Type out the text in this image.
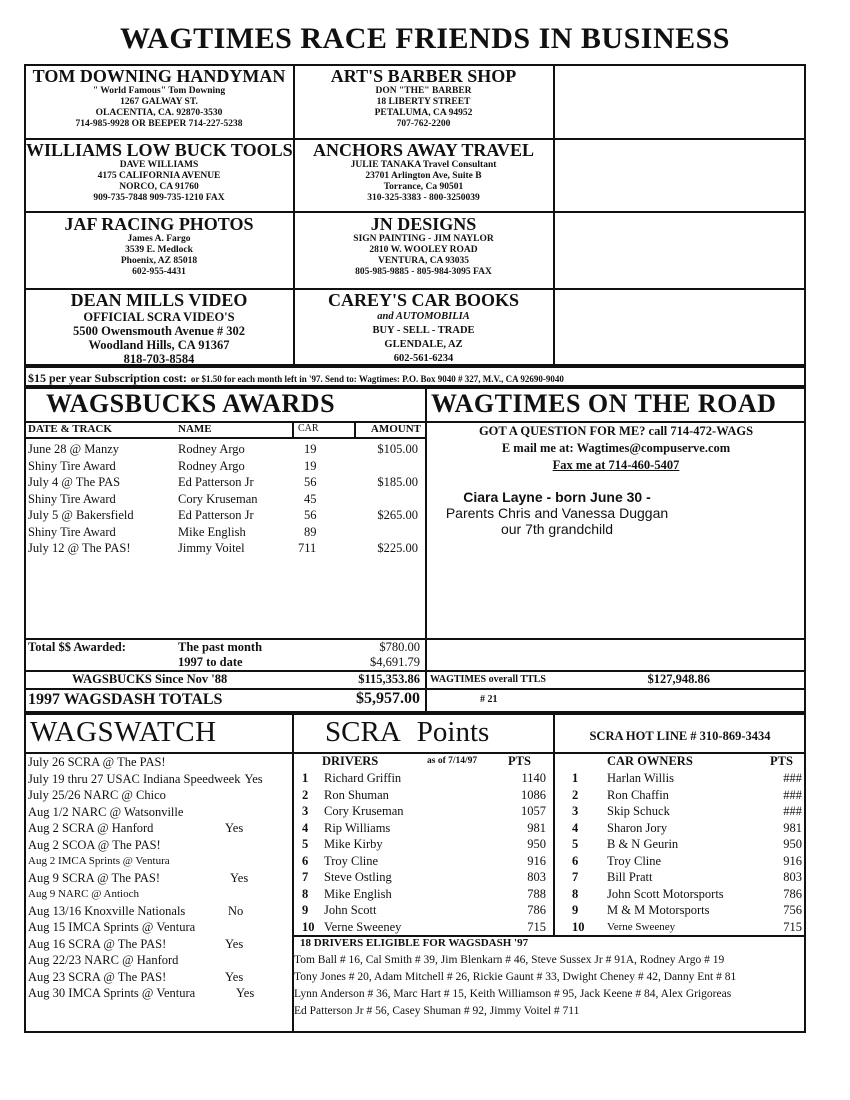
WAGTIMES RACE FRIENDS IN BUSINESS
TOM DOWNING HANDYMAN
" World Famous" Tom Downing
1267 GALWAY ST.
OLACENTIA, CA. 92870-3530
714-985-9928 OR BEEPER 714-227-5238
ART'S BARBER SHOP
DON "THE" BARBER
18 LIBERTY STREET
PETALUMA, CA 94952
707-762-2200
WILLIAMS LOW BUCK TOOLS
DAVE WILLIAMS
4175 CALIFORNIA AVENUE
NORCO, CA 91760
909-735-7848 909-735-1210 FAX
ANCHORS AWAY TRAVEL
JULIE TANAKA Travel Consultant
23701 Arlington Ave, Suite B
Torrance, Ca 90501
310-325-3383 - 800-3250039
JAF RACING PHOTOS
James A. Fargo
3539 E. Medlock
Phoenix, AZ 85018
602-955-4431
JN DESIGNS
SIGN PAINTING - JIM NAYLOR
2810 W. WOOLEY ROAD
VENTURA, CA 93035
805-985-9885 - 805-984-3095 FAX
DEAN MILLS VIDEO
OFFICIAL SCRA VIDEO'S
5500 Owensmouth Avenue # 302
Woodland Hills, CA 91367
818-703-8584
CAREY'S CAR BOOKS
and AUTOMOBILIA
BUY - SELL - TRADE
GLENDALE, AZ
602-561-6234
$15 per year Subscription cost: or $1.50 for each month left in '97. Send to: Wagtimes: P.O. Box 9040 # 327, M.V., CA 92690-9040
WAGSBUCKS AWARDS	WAGTIMES ON THE ROAD
DATE & TRACK	NAME	CAR	AMOUNT
June 28 @ Manzy	Rodney Argo	19	$105.00
Shiny Tire Award	Rodney Argo	19
July 4 @ The PAS	Ed Patterson Jr	56	$185.00
Shiny Tire Award	Cory Kruseman	45
July 5 @ Bakersfield	Ed Patterson Jr	56	$265.00
Shiny Tire Award	Mike English	89
July 12 @ The PAS!	Jimmy Voitel	711	$225.00
Total $$ Awarded:	The past month	$780.00
1997 to date	$4,691.79
WAGSBUCKS Since Nov '88	$115,353.86
1997 WAGSDASH TOTALS	$5,957.00
GOT A QUESTION FOR ME? call 714-472-WAGS
E mail me at: Wagtimes@compuserve.com
Fax me at 714-460-5407
Ciara Layne - born June 30 -
Parents Chris and Vanessa Duggan
our 7th grandchild
WAGTIMES overall TTLS	$127,948.86
# 21
WAGSWATCH
July 26 SCRA @ The PAS!
July 19 thru 27 USAC Indiana Speedweek Yes
July 25/26 NARC @ Chico
Aug 1/2 NARC @ Watsonville
Aug 2 SCRA @ Hanford	Yes
Aug 2 SCOA @ The PAS!
Aug 2 IMCA Sprints @ Ventura
Aug 9 SCRA @ The PAS!	Yes
Aug 9 NARC @ Antioch
Aug 13/16 Knoxville Nationals	No
Aug 15 IMCA Sprints @ Ventura
Aug 16 SCRA @ The PAS!	Yes
Aug 22/23 NARC @ Hanford
Aug 23 SCRA @ The PAS!	Yes
Aug 30 IMCA Sprints @ Ventura	Yes
SCRA Points
DRIVERS	as of 7/14/97 PTS
1 Richard Griffin	1140
2 Ron Shuman	1086
3 Cory Kruseman	1057
4 Rip Williams	981
5 Mike Kirby	950
6 Troy Cline	916
7 Steve Ostling	803
8 Mike English	788
9 John Scott	786
10 Verne Sweeney	715
SCRA HOT LINE # 310-869-3434
CAR OWNERS	PTS
1 Harlan Willis	###
2 Ron Chaffin	###
3 Skip Schuck	###
4 Sharon Jory	981
5 B & N Geurin	950
6 Troy Cline	916
7 Bill Pratt	803
8 John Scott Motorsports	786
9 M & M Motorsports	756
10 Verne Sweeney	715
18 DRIVERS ELIGIBLE FOR WAGSDASH '97
Tom Ball # 16, Cal Smith # 39, Jim Blenkarn # 46, Steve Sussex Jr # 91A, Rodney Argo # 19
Tony Jones # 20, Adam Mitchell # 26, Rickie Gaunt # 33, Dwight Cheney # 42, Danny Ent # 81
Lynn Anderson # 36, Marc Hart # 15, Keith Williamson # 95, Jack Keene # 84, Alex Grigoreas
Ed Patterson Jr # 56, Casey Shuman # 92, Jimmy Voitel # 711
